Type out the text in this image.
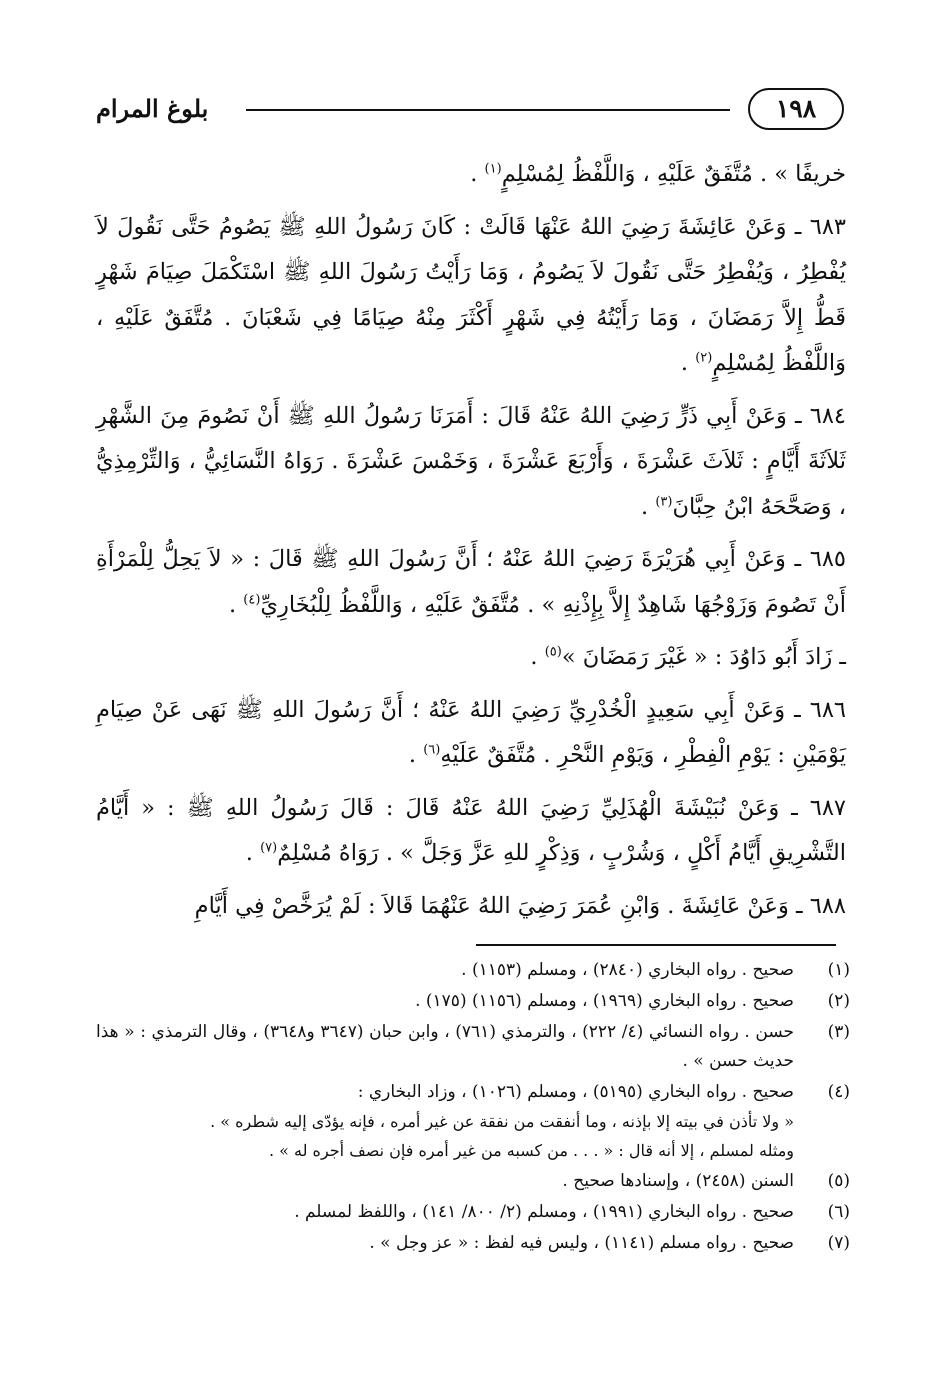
١٩٨
بلوغ المرام

خريفًا » . مُتَّفَقٌ عَلَيْهِ ، وَاللَّفْظُ لِمُسْلِمٍ$^{(١)}$ .

٦٨٣ ـ وَعَنْ عَائِشَةَ رَضِيَ اللهُ عَنْهَا قَالَتْ : كَانَ رَسُولُ اللهِ ﷺ يَصُومُ حَتَّى نَقُولَ لاَ يُفْطِرُ ، وَيُفْطِرُ حَتَّى نَقُولَ لاَ يَصُومُ ، وَمَا رَأَيْتُ رَسُولَ اللهِ ﷺ اسْتَكْمَلَ صِيَامَ شَهْرٍ قَطُّ إِلاَّ رَمَضَانَ ، وَمَا رَأَيْتُهُ فِي شَهْرٍ أَكْثَرَ مِنْهُ صِيَامًا فِي شَعْبَانَ . مُتَّفَقٌ عَلَيْهِ ، وَاللَّفْظُ لِمُسْلِمٍ$^{(٢)}$ .

٦٨٤ ـ وَعَنْ أَبِي ذَرٍّ رَضِيَ اللهُ عَنْهُ قَالَ : أَمَرَنَا رَسُولُ اللهِ ﷺ أَنْ نَصُومَ مِنَ الشَّهْرِ ثَلاَثَةَ أَيَّامٍ : ثَلاَثَ عَشْرَةَ ، وَأَرْبَعَ عَشْرَةَ ، وَخَمْسَ عَشْرَةَ . رَوَاهُ النَّسَائِيُّ ، وَالتِّرْمِذِيُّ ، وَصَحَّحَهُ ابْنُ حِبَّانَ$^{(٣)}$ .

٦٨٥ ـ وَعَنْ أَبِي هُرَيْرَةَ رَضِيَ اللهُ عَنْهُ ؛ أَنَّ رَسُولَ اللهِ ﷺ قَالَ : « لاَ يَحِلُّ لِلْمَرْأَةِ أَنْ تَصُومَ وَزَوْجُهَا شَاهِدٌ إِلاَّ بِإِذْنِهِ » . مُتَّفَقٌ عَلَيْهِ ، وَاللَّفْظُ لِلْبُخَارِيِّ$^{(٤)}$ .

ـ زَادَ أَبُو دَاوُدَ : « غَيْرَ رَمَضَانَ »$^{(٥)}$ .

٦٨٦ ـ وَعَنْ أَبِي سَعِيدٍ الْخُدْرِيِّ رَضِيَ اللهُ عَنْهُ ؛ أَنَّ رَسُولَ اللهِ ﷺ نَهَى عَنْ صِيَامِ يَوْمَيْنِ : يَوْمِ الْفِطْرِ ، وَيَوْمِ النَّحْرِ . مُتَّفَقٌ عَلَيْهِ$^{(٦)}$ .

٦٨٧ ـ وَعَنْ نُبَيْشَةَ الْهُذَلِيِّ رَضِيَ اللهُ عَنْهُ قَالَ : قَالَ رَسُولُ اللهِ ﷺ : « أَيَّامُ التَّشْرِيقِ أَيَّامُ أَكْلٍ ، وَشُرْبٍ ، وَذِكْرٍ للهِ عَزَّ وَجَلَّ » . رَوَاهُ مُسْلِمٌ$^{(٧)}$ .

٦٨٨ ـ وَعَنْ عَائِشَةَ . وَابْنِ عُمَرَ رَضِيَ اللهُ عَنْهُمَا قَالاَ : لَمْ يُرَخَّصْ فِي أَيَّامِ

(١)
صحيح . رواه البخاري (٢٨٤٠) ، ومسلم (١١٥٣) .
(٢)
صحيح . رواه البخاري (١٩٦٩) ، ومسلم (١١٥٦) (١٧٥) .
(٣)
حسن . رواه النسائي (٤/ ٢٢٢) ، والترمذي (٧٦١) ، وابن حبان (٣٦٤٧ و٣٦٤٨) ، وقال الترمذي : « هذا حديث حسن » .
(٤)
صحيح . رواه البخاري (٥١٩٥) ، ومسلم (١٠٢٦) ، وزاد البخاري :
« ولا تأذن في بيته إلا بإذنه ، وما أنفقت من نفقة عن غير أمره ، فإنه يؤدّى إليه شطره » .
ومثله لمسلم ، إلا أنه قال : « . . . من كسبه من غير أمره فإن نصف أجره له » .
(٥)
السنن (٢٤٥٨) ، وإسنادها صحيح .
(٦)
صحيح . رواه البخاري (١٩٩١) ، ومسلم (٢/ ٨٠٠/ ١٤١) ، واللفظ لمسلم .
(٧)
صحيح . رواه مسلم (١١٤١) ، وليس فيه لفظ : « عز وجل » .
